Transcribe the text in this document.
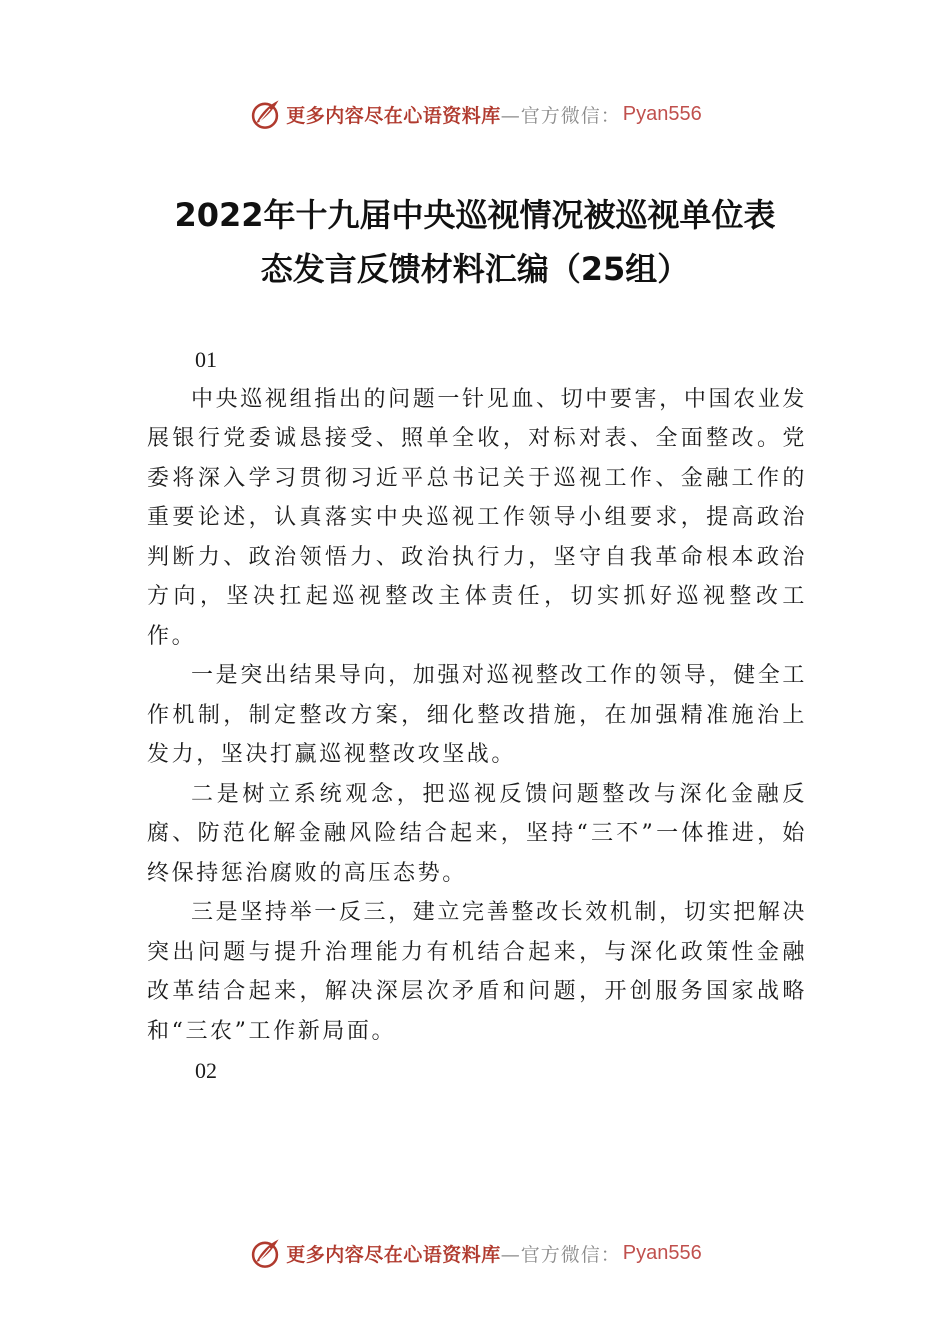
更多内容尽在心语资料库 —官方微信： Pyan556
2022年十九届中央巡视情况被巡视单位表
态发言反馈材料汇编（25组）

01

中央巡视组指出的问题一针见血、切中要害，中国农业发展银行党委诚恳接受、照单全收，对标对表、全面整改。党委将深入学习贯彻习近平总书记关于巡视工作、金融工作的重要论述，认真落实中央巡视工作领导小组要求，提高政治判断力、政治领悟力、政治执行力，坚守自我革命根本政治方向，坚决扛起巡视整改主体责任，切实抓好巡视整改工作。

一是突出结果导向，加强对巡视整改工作的领导，健全工作机制，制定整改方案，细化整改措施，在加强精准施治上发力，坚决打赢巡视整改攻坚战。

二是树立系统观念，把巡视反馈问题整改与深化金融反腐、防范化解金融风险结合起来，坚持“三不”一体推进，始终保持惩治腐败的高压态势。

三是坚持举一反三，建立完善整改长效机制，切实把解决突出问题与提升治理能力有机结合起来，与深化政策性金融改革结合起来，解决深层次矛盾和问题，开创服务国家战略和“三农”工作新局面。

02

更多内容尽在心语资料库 —官方微信： Pyan556
